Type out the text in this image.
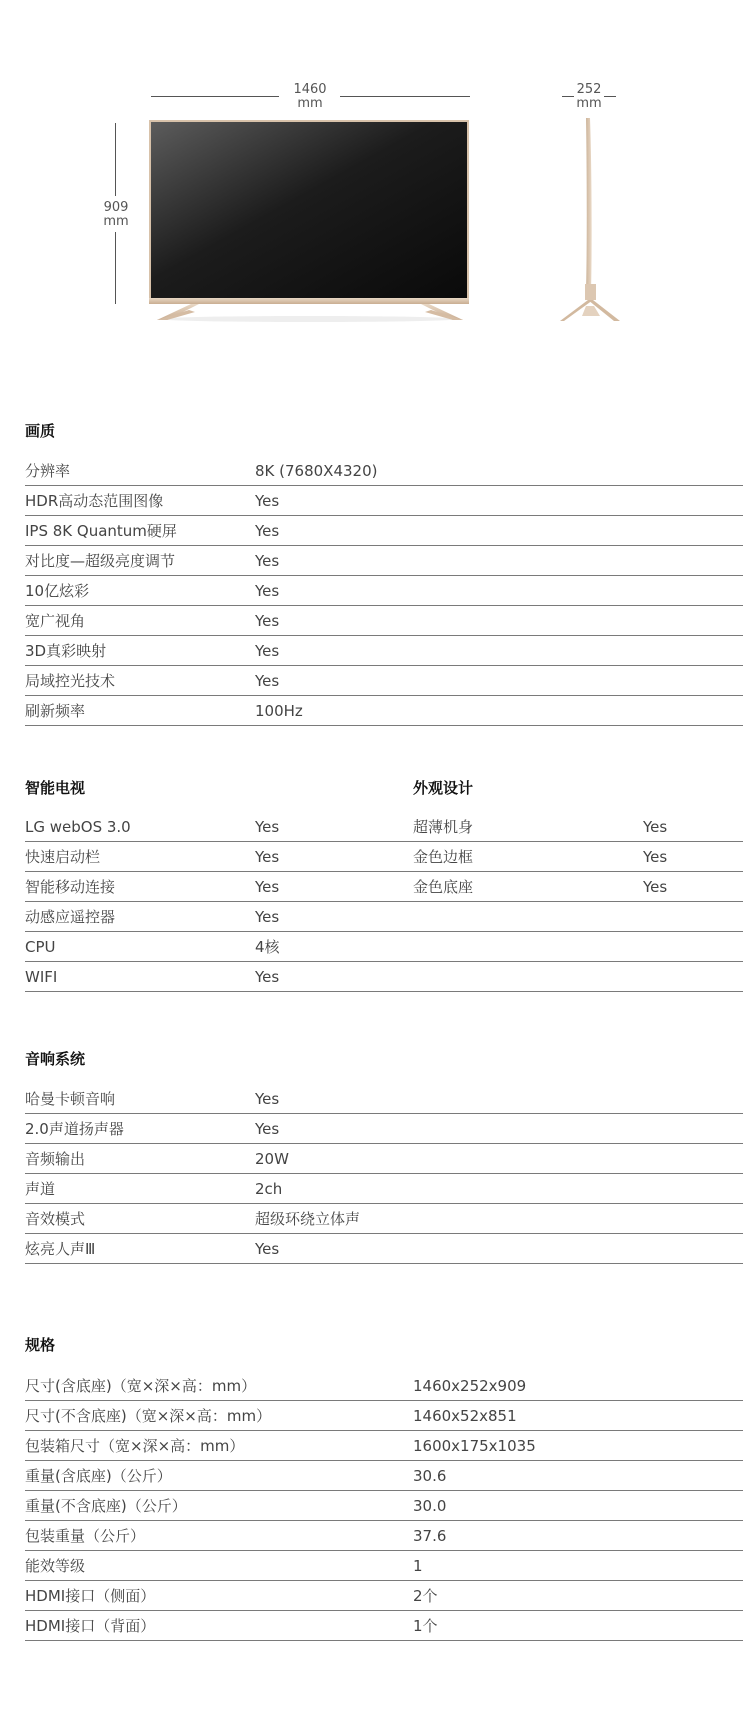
1460
mm
909
mm
252
mm
画质
分辨率	8K (7680X4320)
HDR高动态范围图像	Yes
IPS 8K Quantum硬屏	Yes
对比度—超级亮度调节	Yes
10亿炫彩	Yes
宽广视角	Yes
3D真彩映射	Yes
局域控光技术	Yes
刷新频率	100Hz
智能电视
LG webOS 3.0	Yes
快速启动栏	Yes
智能移动连接	Yes
动感应遥控器	Yes
CPU	4核
WIFI	Yes
外观设计
超薄机身	Yes
金色边框	Yes
金色底座	Yes
音响系统
哈曼卡顿音响	Yes
2.0声道扬声器	Yes
音频输出	20W
声道	2ch
音效模式	超级环绕立体声
炫亮人声Ⅲ	Yes
规格
尺寸(含底座)（宽×深×高：mm）	1460x252x909
尺寸(不含底座)（宽×深×高：mm）	1460x52x851
包装箱尺寸（宽×深×高：mm）	1600x175x1035
重量(含底座)（公斤）	30.6
重量(不含底座)（公斤）	30.0
包装重量（公斤）	37.6
能效等级	1
HDMI接口（侧面）	2个
HDMI接口（背面）	1个
